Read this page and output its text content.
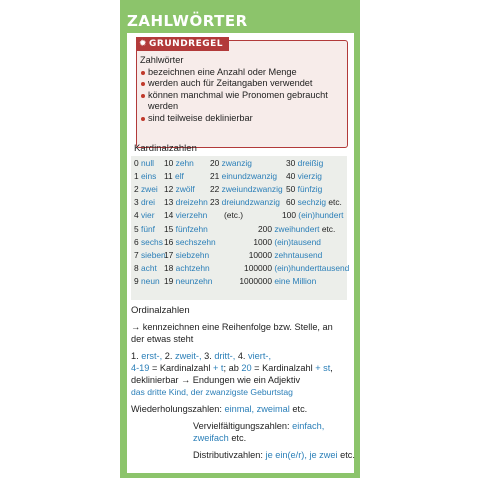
ZAHLWÖRTER
✹ GRUNDREGEL
Zahlwörter
bezeichnen eine Anzahl oder Menge
werden auch für Zeitangaben verwendet
können manchmal wie Pronomen gebraucht werden
sind teilweise deklinierbar
Kardinalzahlen
0 null
1 eins
2 zwei
3 drei
4 vier
5 fünf
6 sechs
7 sieben
8 acht
9 neun
10 zehn
11 elf
12 zwölf
13 dreizehn
14 vierzehn
15 fünfzehn
16 sechszehn
17 siebzehn
18 achtzehn
19 neunzehn
20 zwanzig
21 einundzwanzig
22 zweiundzwanzig
23 dreiundzwanzig
30 dreißig
40 vierzig
50 fünfzig
60 sechzig etc.
100 (ein)hundert
(etc.)
200 zweihundert etc.
1000 (ein)tausend
10000 zehntausend
100000 (ein)hunderttausend
1000000 eine Million
Ordinalzahlen
→ kennzeichnen eine Reihenfolge bzw. Stelle, an
der etwas steht
1. erst-, 2. zweit-, 3. dritt-, 4. viert-,
4-19 = Kardinalzahl + t; ab 20 = Kardinalzahl + st,
deklinierbar → Endungen wie ein Adjektiv
das dritte Kind, der zwanzigste Geburtstag
Wiederholungszahlen: einmal, zweimal etc.
Vervielfältigungszahlen: einfach,
zweifach etc.
Distributivzahlen: je ein(e/r), je zwei etc.
